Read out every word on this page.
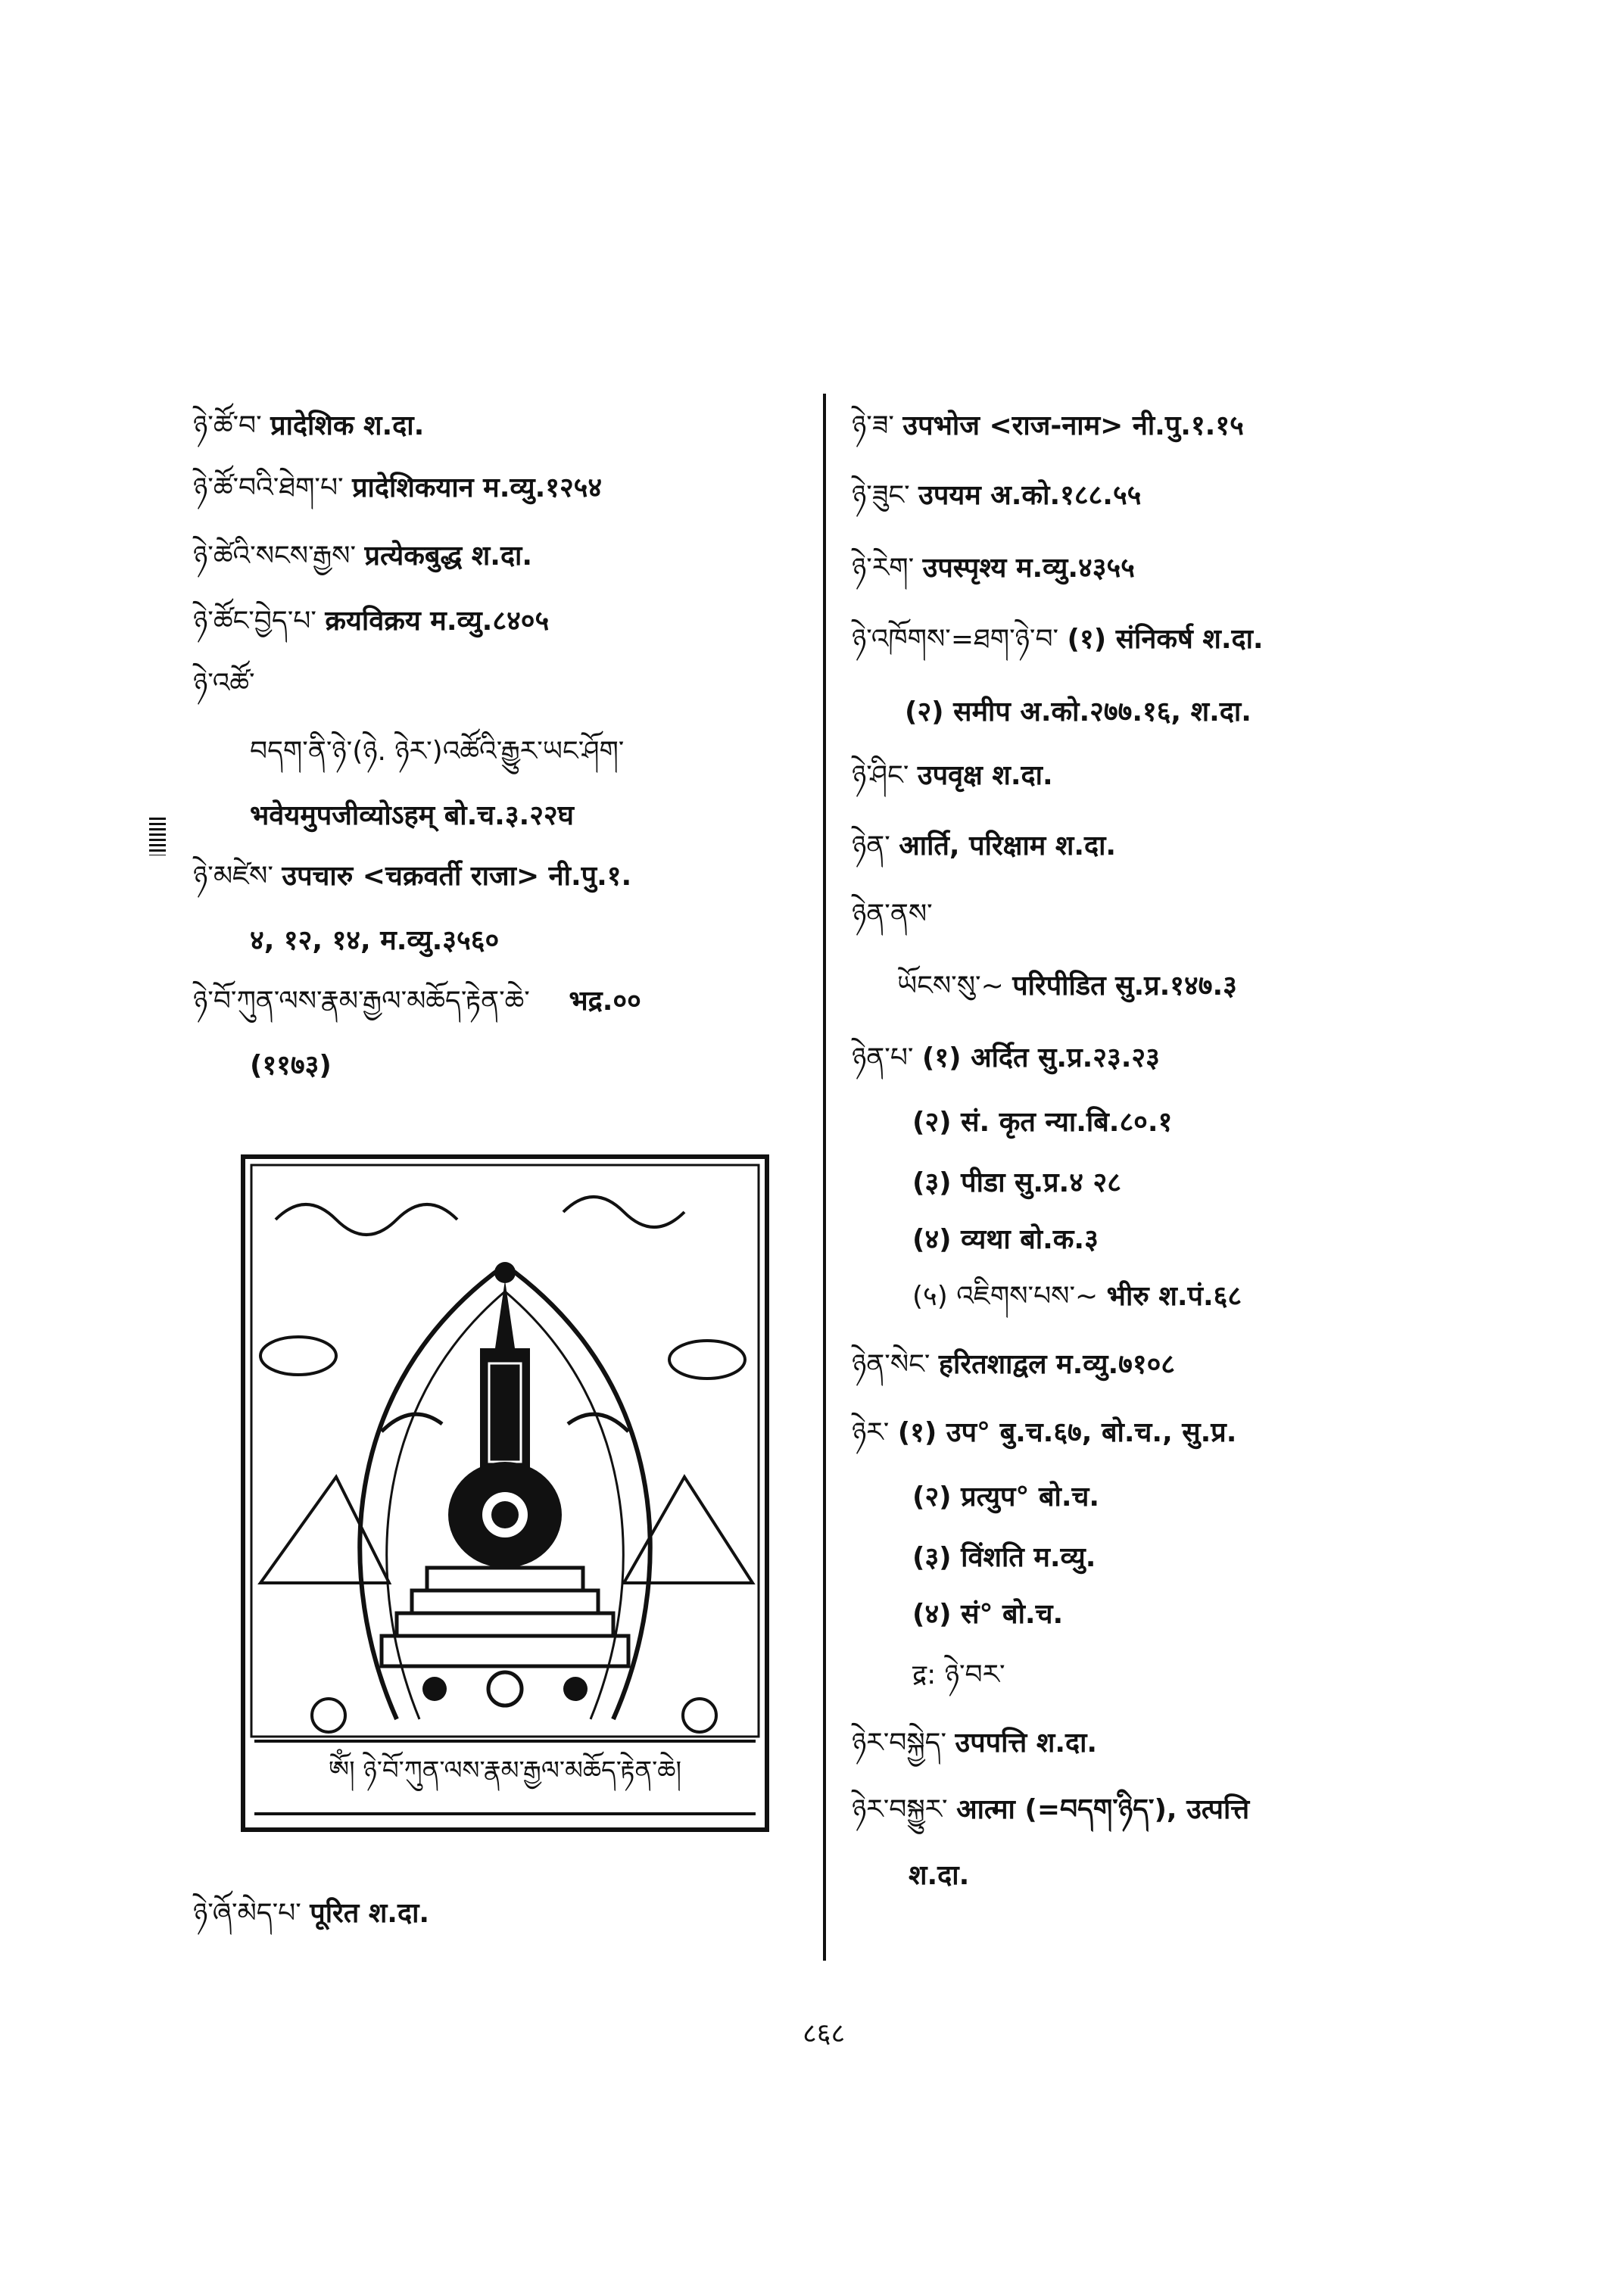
ཉེ་ཚོ་བ་ प्रादेशिक श.दा.
ཉེ་ཚོ་བའི་ཐེག་པ་ प्रादेशिकयान म.व्यु.१२५४
ཉེ་ཚེའི་སངས་རྒྱས་ प्रत्येकबुद्ध श.दा.
ཉེ་ཚོང་བྱེད་པ་ क्रयविक्रय म.व्यु.८४०५
ཉེ་འཚོ་
བདག་ནི་ཉེ་(ཉེ. ཉེར་)འཚོའི་རྒྱུར་ཡང་ཤོག་
भवेयमुपजीव्योऽहम् बो.च.३.२२घ
ཉེ་མཛེས་ उपचारु <चक्रवर्ती राजा> नी.पु.१.
४, १२, १४, म.व्यु.३५६०
ཉེ་བོ་ཀུན་ལས་རྣམ་རྒྱལ་མཆོད་རྟེན་ཆེ་ भद्र.००
(११७३)
ཨོཾ། ཉེ་བོ་ཀུན་ལས་རྣམ་རྒྱལ་མཆོད་རྟེན་ཆེ།
ཉེ་ཞོ་མེད་པ་ पूरित श.दा.
ཉེ་ཟ་ उपभोज <राज-नाम> नी.पु.१.१५
ཉེ་ཟུང་ उपयम अ.को.१८८.५५
ཉེ་རེག་ उपस्पृश्य म.व्यु.४३५५
ཉེ་འཁོགས་=ཐག་ཉེ་བ་ (१) संनिकर्ष श.दा.
(२) समीप अ.को.२७७.१६, श.दा.
ཉེ་ཤིང་ उपवृक्ष श.दा.
ཉེན་ आर्ति, परिक्षाम श.दा.
ཉེན་ནས་
ཡོངས་སུ་~ परिपीडित सु.प्र.१४७.३
ཉེན་པ་ (१) अर्दित सु.प्र.२३.२३
(२) सं. कृत न्या.बि.८०.१
(३) पीडा सु.प्र.४ २८
(४) व्यथा बो.क.३
(५) འཇིགས་པས་~ भीरु श.पं.६८
ཉེན་སེང་ हरितशाद्वल म.व्यु.७१०८
ཉེར་ (१) उप° बु.च.६७, बो.च., सु.प्र.
(२) प्रत्युप° बो.च.
(३) विंशति म.व्यु.
(४) सं° बो.च.
द्र: ཉེ་བར་
ཉེར་བསྐྱེད་ उपपत्ति श.दा.
ཉེར་བསྐྱུར་ आत्मा (=བདག་ཉིད་), उत्पत्ति
श.दा.
८६८
